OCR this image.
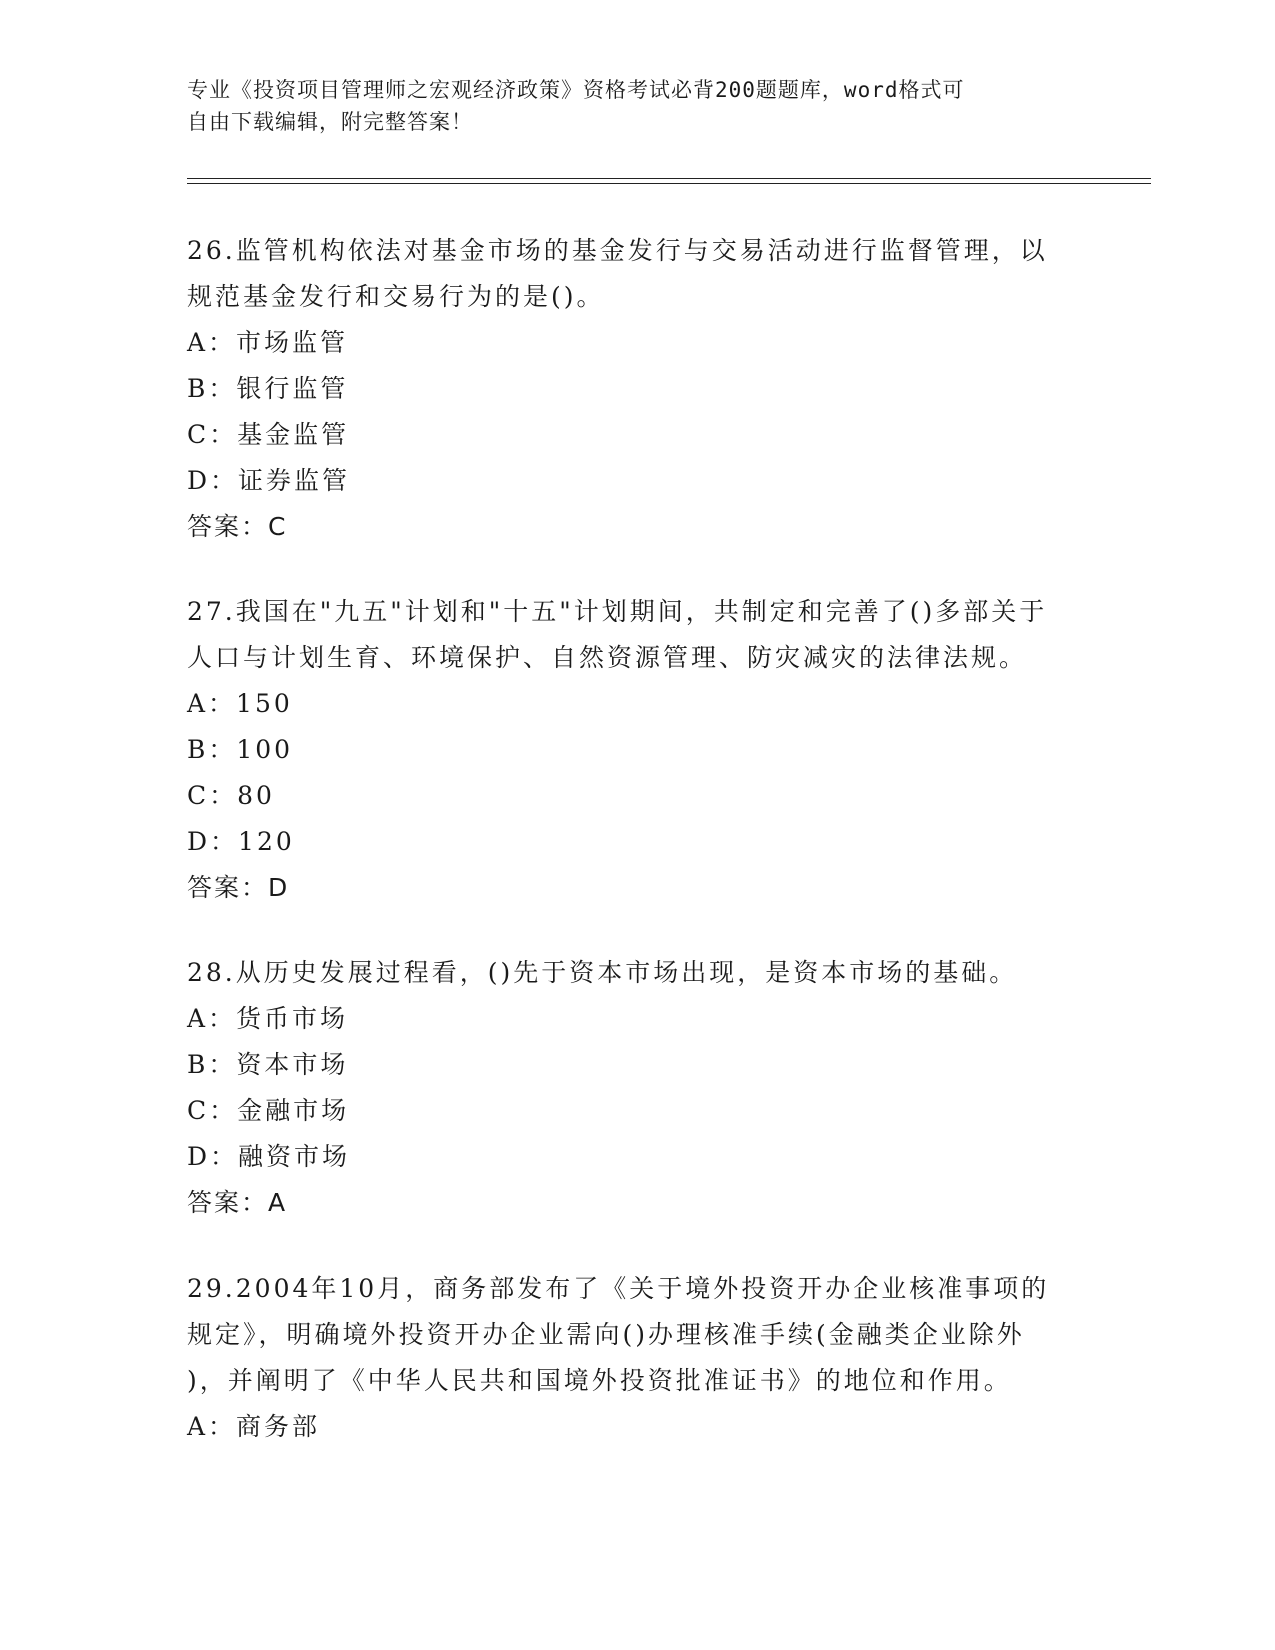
专业《投资项目管理师之宏观经济政策》资格考试必背200题题库，word格式可
自由下载编辑，附完整答案！

26.监管机构依法对基金市场的基金发行与交易活动进行监督管理，以

规范基金发行和交易行为的是()。

A：市场监管

B：银行监管

C：基金监管

D：证券监管

答案：C

27.我国在"九五"计划和"十五"计划期间，共制定和完善了()多部关于

人口与计划生育、环境保护、自然资源管理、防灾减灾的法律法规。

A：150

B：100

C：80

D：120

答案：D

28.从历史发展过程看，()先于资本市场出现，是资本市场的基础。

A：货币市场

B：资本市场

C：金融市场

D：融资市场

答案：A

29.2004年10月，商务部发布了《关于境外投资开办企业核准事项的

规定》，明确境外投资开办企业需向()办理核准手续(金融类企业除外

)，并阐明了《中华人民共和国境外投资批准证书》的地位和作用。

A：商务部
